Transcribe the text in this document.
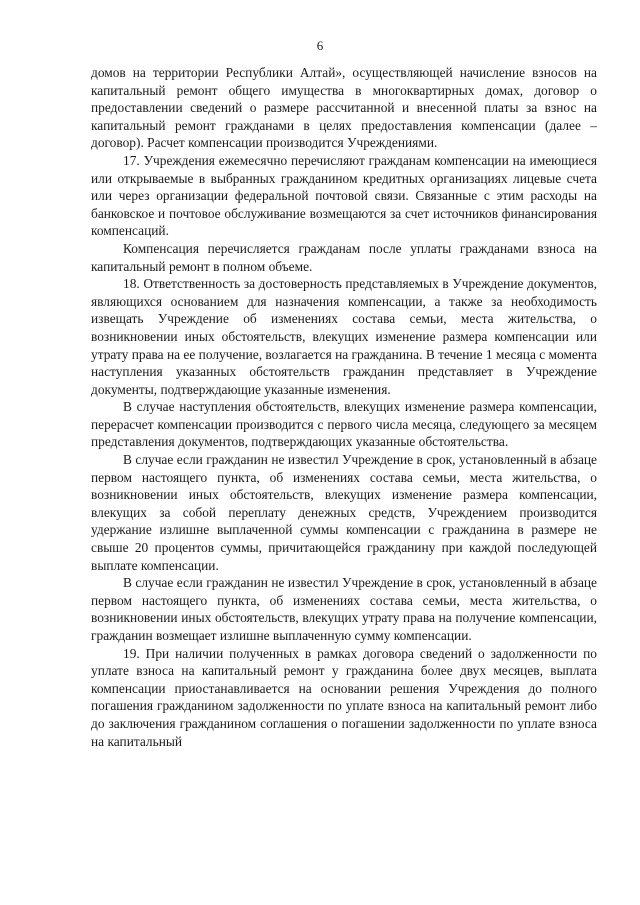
6

домов на территории Республики Алтай», осуществляющей начисление взносов на капитальный ремонт общего имущества в многоквартирных домах, договор о предоставлении сведений о размере рассчитанной и внесенной платы за взнос на капитальный ремонт гражданами в целях предоставления компенсации (далее – договор). Расчет компенсации производится Учреждениями.

17. Учреждения ежемесячно перечисляют гражданам компенсации на имеющиеся или открываемые в выбранных гражданином кредитных организациях лицевые счета или через организации федеральной почтовой связи. Связанные с этим расходы на банковское и почтовое обслуживание возмещаются за счет источников финансирования компенсаций.

Компенсация перечисляется гражданам после уплаты гражданами взноса на капитальный ремонт в полном объеме.

18. Ответственность за достоверность представляемых в Учреждение документов, являющихся основанием для назначения компенсации, а также за необходимость извещать Учреждение об изменениях состава семьи, места жительства, о возникновении иных обстоятельств, влекущих изменение размера компенсации или утрату права на ее получение, возлагается на гражданина. В течение 1 месяца с момента наступления указанных обстоятельств гражданин представляет в Учреждение документы, подтверждающие указанные изменения.

В случае наступления обстоятельств, влекущих изменение размера компенсации, перерасчет компенсации производится с первого числа месяца, следующего за месяцем представления документов, подтверждающих указанные обстоятельства.

В случае если гражданин не известил Учреждение в срок, установленный в абзаце первом настоящего пункта, об изменениях состава семьи, места жительства, о возникновении иных обстоятельств, влекущих изменение размера компенсации, влекущих за собой переплату денежных средств, Учреждением производится удержание излишне выплаченной суммы компенсации с гражданина в размере не свыше 20 процентов суммы, причитающейся гражданину при каждой последующей выплате компенсации.

В случае если гражданин не известил Учреждение в срок, установленный в абзаце первом настоящего пункта, об изменениях состава семьи, места жительства, о возникновении иных обстоятельств, влекущих утрату права на получение компенсации, гражданин возмещает излишне выплаченную сумму компенсации.

19. При наличии полученных в рамках договора сведений о задолженности по уплате взноса на капитальный ремонт у гражданина более двух месяцев, выплата компенсации приостанавливается на основании решения Учреждения до полного погашения гражданином задолженности по уплате взноса на капитальный ремонт либо до заключения гражданином соглашения о погашении задолженности по уплате взноса на капитальный
